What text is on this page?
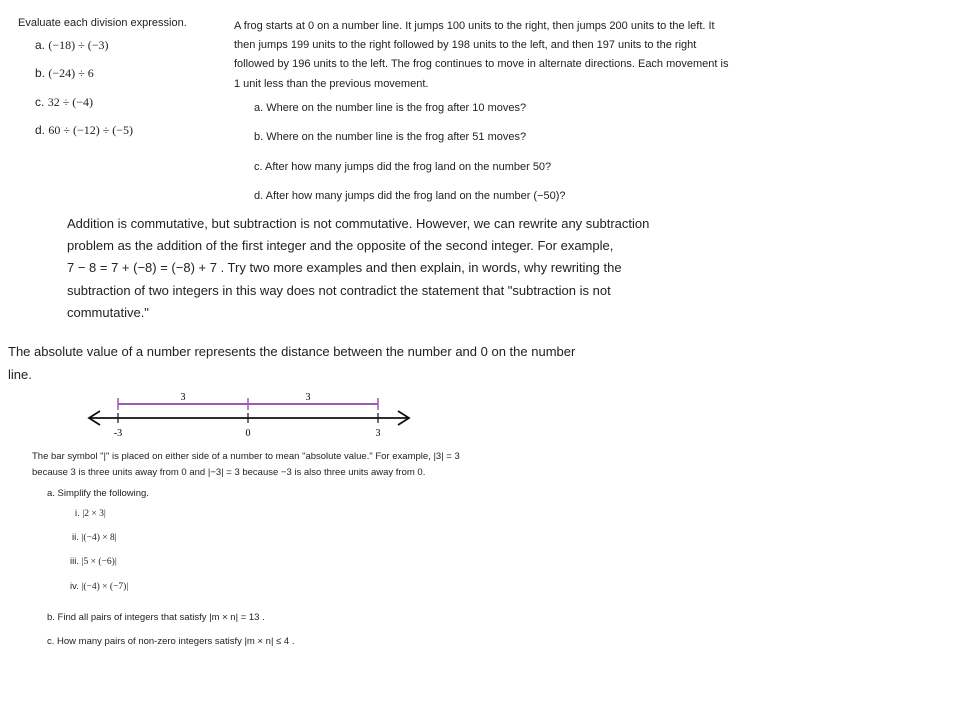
Evaluate each division expression.
a. (−18) ÷ (−3)
b. (−24) ÷ 6
c. 32 ÷ (−4)
d. 60 ÷ (−12) ÷ (−5)
A frog starts at 0 on a number line. It jumps 100 units to the right, then jumps 200 units to the left. It
then jumps 199 units to the right followed by 198 units to the left, and then 197 units to the right
followed by 196 units to the left. The frog continues to move in alternate directions. Each movement is
1 unit less than the previous movement.
a. Where on the number line is the frog after 10 moves?
b. Where on the number line is the frog after 51 moves?
c. After how many jumps did the frog land on the number 50?
d. After how many jumps did the frog land on the number (−50)?
Addition is commutative, but subtraction is not commutative. However, we can rewrite any subtraction
problem as the addition of the first integer and the opposite of the second integer. For example,
7 − 8 = 7 + (−8) = (−8) + 7 . Try two more examples and then explain, in words, why rewriting the
subtraction of two integers in this way does not contradict the statement that "subtraction is not
commutative."
The absolute value of a number represents the distance between the number and 0 on the number
line.
3	3
-3	0	3
The bar symbol "|" is placed on either side of a number to mean "absolute value." For example, |3| = 3
because 3 is three units away from 0 and |−3| = 3 because −3 is also three units away from 0.
a. Simplify the following.
i. |2 × 3|
ii. |(−4) × 8|
iii. |5 × (−6)|
iv. |(−4) × (−7)|
b. Find all pairs of integers that satisfy |m × n| = 13 .
c. How many pairs of non-zero integers satisfy |m × n| ≤ 4 .
